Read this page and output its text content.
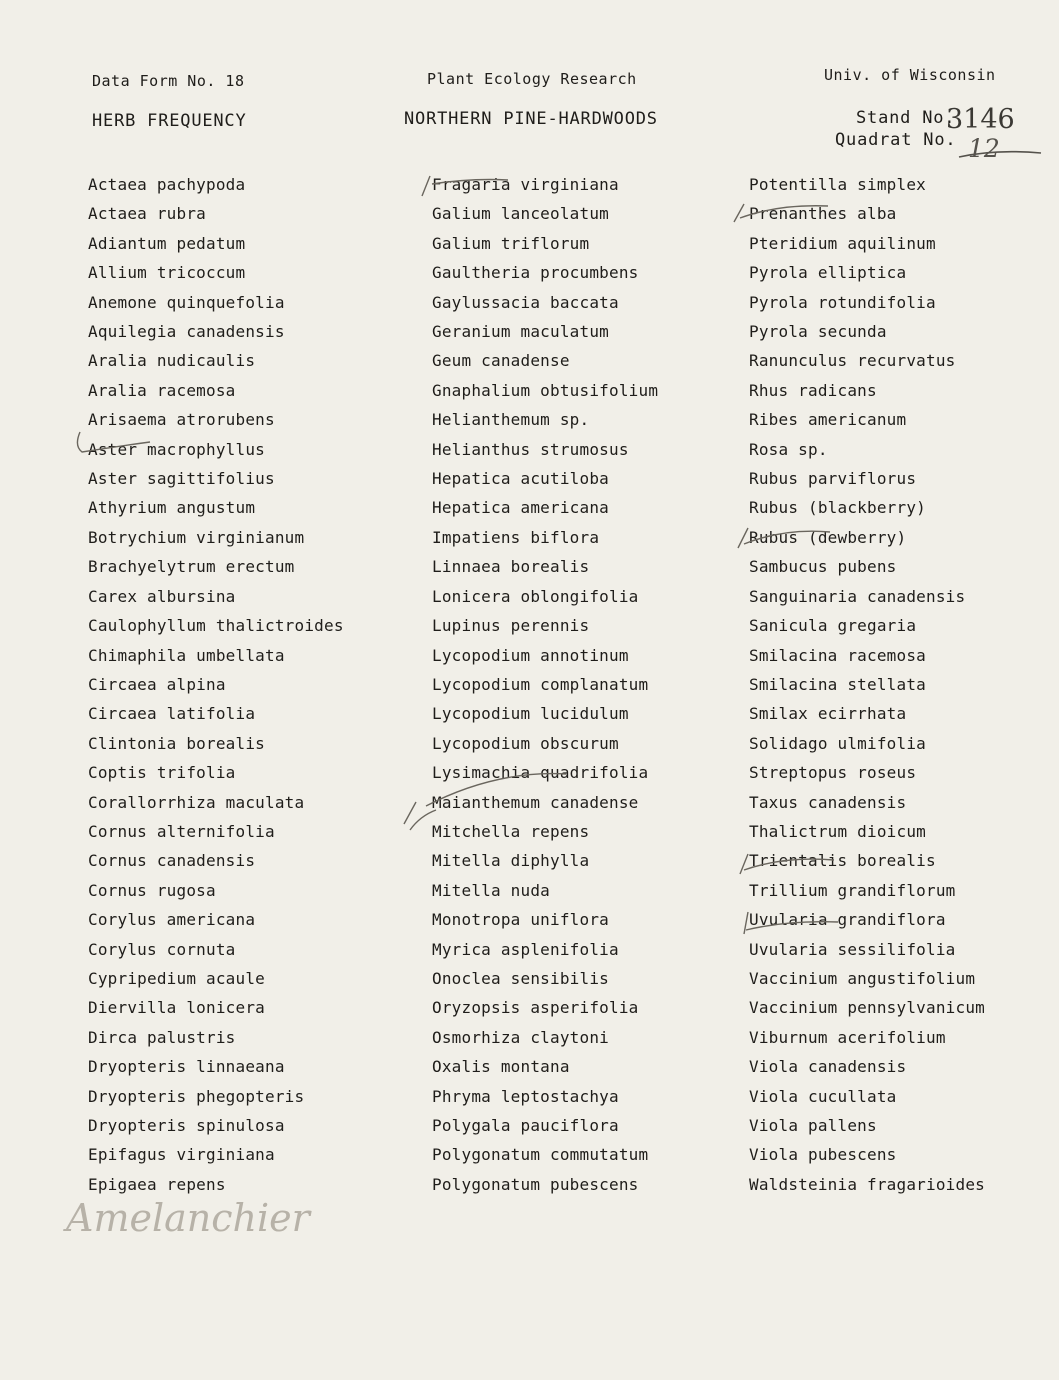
Data Form No. 18	Plant Ecology Research	Univ. of Wisconsin
HERB FREQUENCY	NORTHERN PINE-HARDWOODS	Stand No.
3146
Quadrat No. 12
Actaea pachypoda
Actaea rubra
Adiantum pedatum
Allium tricoccum
Anemone quinquefolia
Aquilegia canadensis
Aralia nudicaulis
Aralia racemosa
Arisaema atrorubens
Aster macrophyllus
Aster sagittifolius
Athyrium angustum
Botrychium virginianum
Brachyelytrum erectum
Carex albursina
Caulophyllum thalictroides
Chimaphila umbellata
Circaea alpina
Circaea latifolia
Clintonia borealis
Coptis trifolia
Corallorrhiza maculata
Cornus alternifolia
Cornus canadensis
Cornus rugosa
Corylus americana
Corylus cornuta
Cypripedium acaule
Diervilla lonicera
Dirca palustris
Dryopteris linnaeana
Dryopteris phegopteris
Dryopteris spinulosa
Epifagus virginiana
Epigaea repens
Fragaria virginiana
Galium lanceolatum
Galium triflorum
Gaultheria procumbens
Gaylussacia baccata
Geranium maculatum
Geum canadense
Gnaphalium obtusifolium
Helianthemum sp.
Helianthus strumosus
Hepatica acutiloba
Hepatica americana
Impatiens biflora
Linnaea borealis
Lonicera oblongifolia
Lupinus perennis
Lycopodium annotinum
Lycopodium complanatum
Lycopodium lucidulum
Lycopodium obscurum
Lysimachia quadrifolia
Maianthemum canadense
Mitchella repens
Mitella diphylla
Mitella nuda
Monotropa uniflora
Myrica asplenifolia
Onoclea sensibilis
Oryzopsis asperifolia
Osmorhiza claytoni
Oxalis montana
Phryma leptostachya
Polygala pauciflora
Polygonatum commutatum
Polygonatum pubescens
Potentilla simplex
Prenanthes alba
Pteridium aquilinum
Pyrola elliptica
Pyrola rotundifolia
Pyrola secunda
Ranunculus recurvatus
Rhus radicans
Ribes americanum
Rosa sp.
Rubus parviflorus
Rubus (blackberry)
Rubus (dewberry)
Sambucus pubens
Sanguinaria canadensis
Sanicula gregaria
Smilacina racemosa
Smilacina stellata
Smilax ecirrhata
Solidago ulmifolia
Streptopus roseus
Taxus canadensis
Thalictrum dioicum
Trientalis borealis
Trillium grandiflorum
Uvularia grandiflora
Uvularia sessilifolia
Vaccinium angustifolium
Vaccinium pennsylvanicum
Viburnum acerifolium
Viola canadensis
Viola cucullata
Viola pallens
Viola pubescens
Waldsteinia fragarioides
Amelanchier
